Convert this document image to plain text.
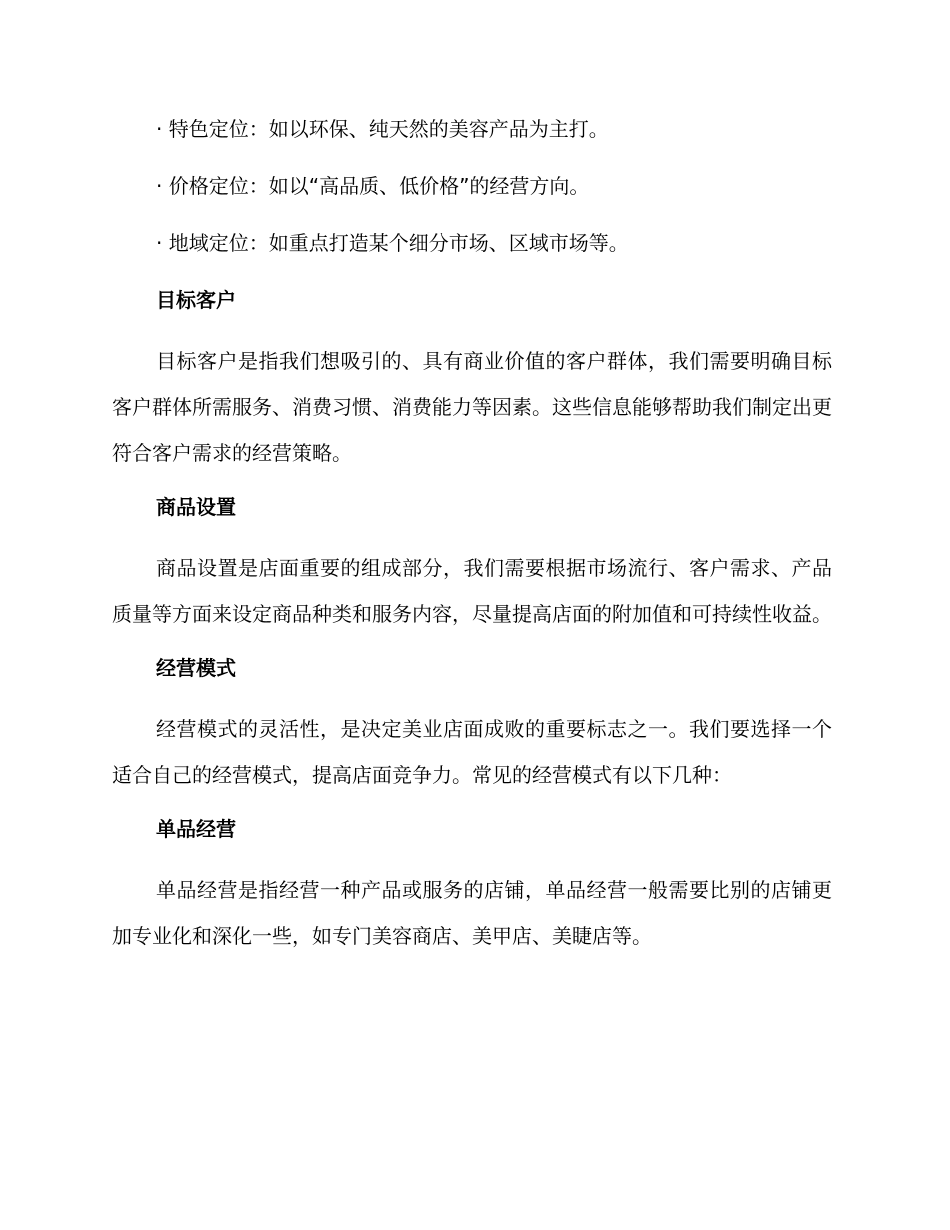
· 特色定位：如以环保、纯天然的美容产品为主打。
· 价格定位：如以“高品质、低价格”的经营方向。
· 地域定位：如重点打造某个细分市场、区域市场等。
目标客户
目标客户是指我们想吸引的、具有商业价值的客户群体，我们需要明确目标客户群体所需服务、消费习惯、消费能力等因素。这些信息能够帮助我们制定出更符合客户需求的经营策略。
商品设置
商品设置是店面重要的组成部分，我们需要根据市场流行、客户需求、产品质量等方面来设定商品种类和服务内容，尽量提高店面的附加值和可持续性收益。
经营模式
经营模式的灵活性，是决定美业店面成败的重要标志之一。我们要选择一个适合自己的经营模式，提高店面竞争力。常见的经营模式有以下几种：
单品经营
单品经营是指经营一种产品或服务的店铺，单品经营一般需要比别的店铺更加专业化和深化一些，如专门美容商店、美甲店、美睫店等。
